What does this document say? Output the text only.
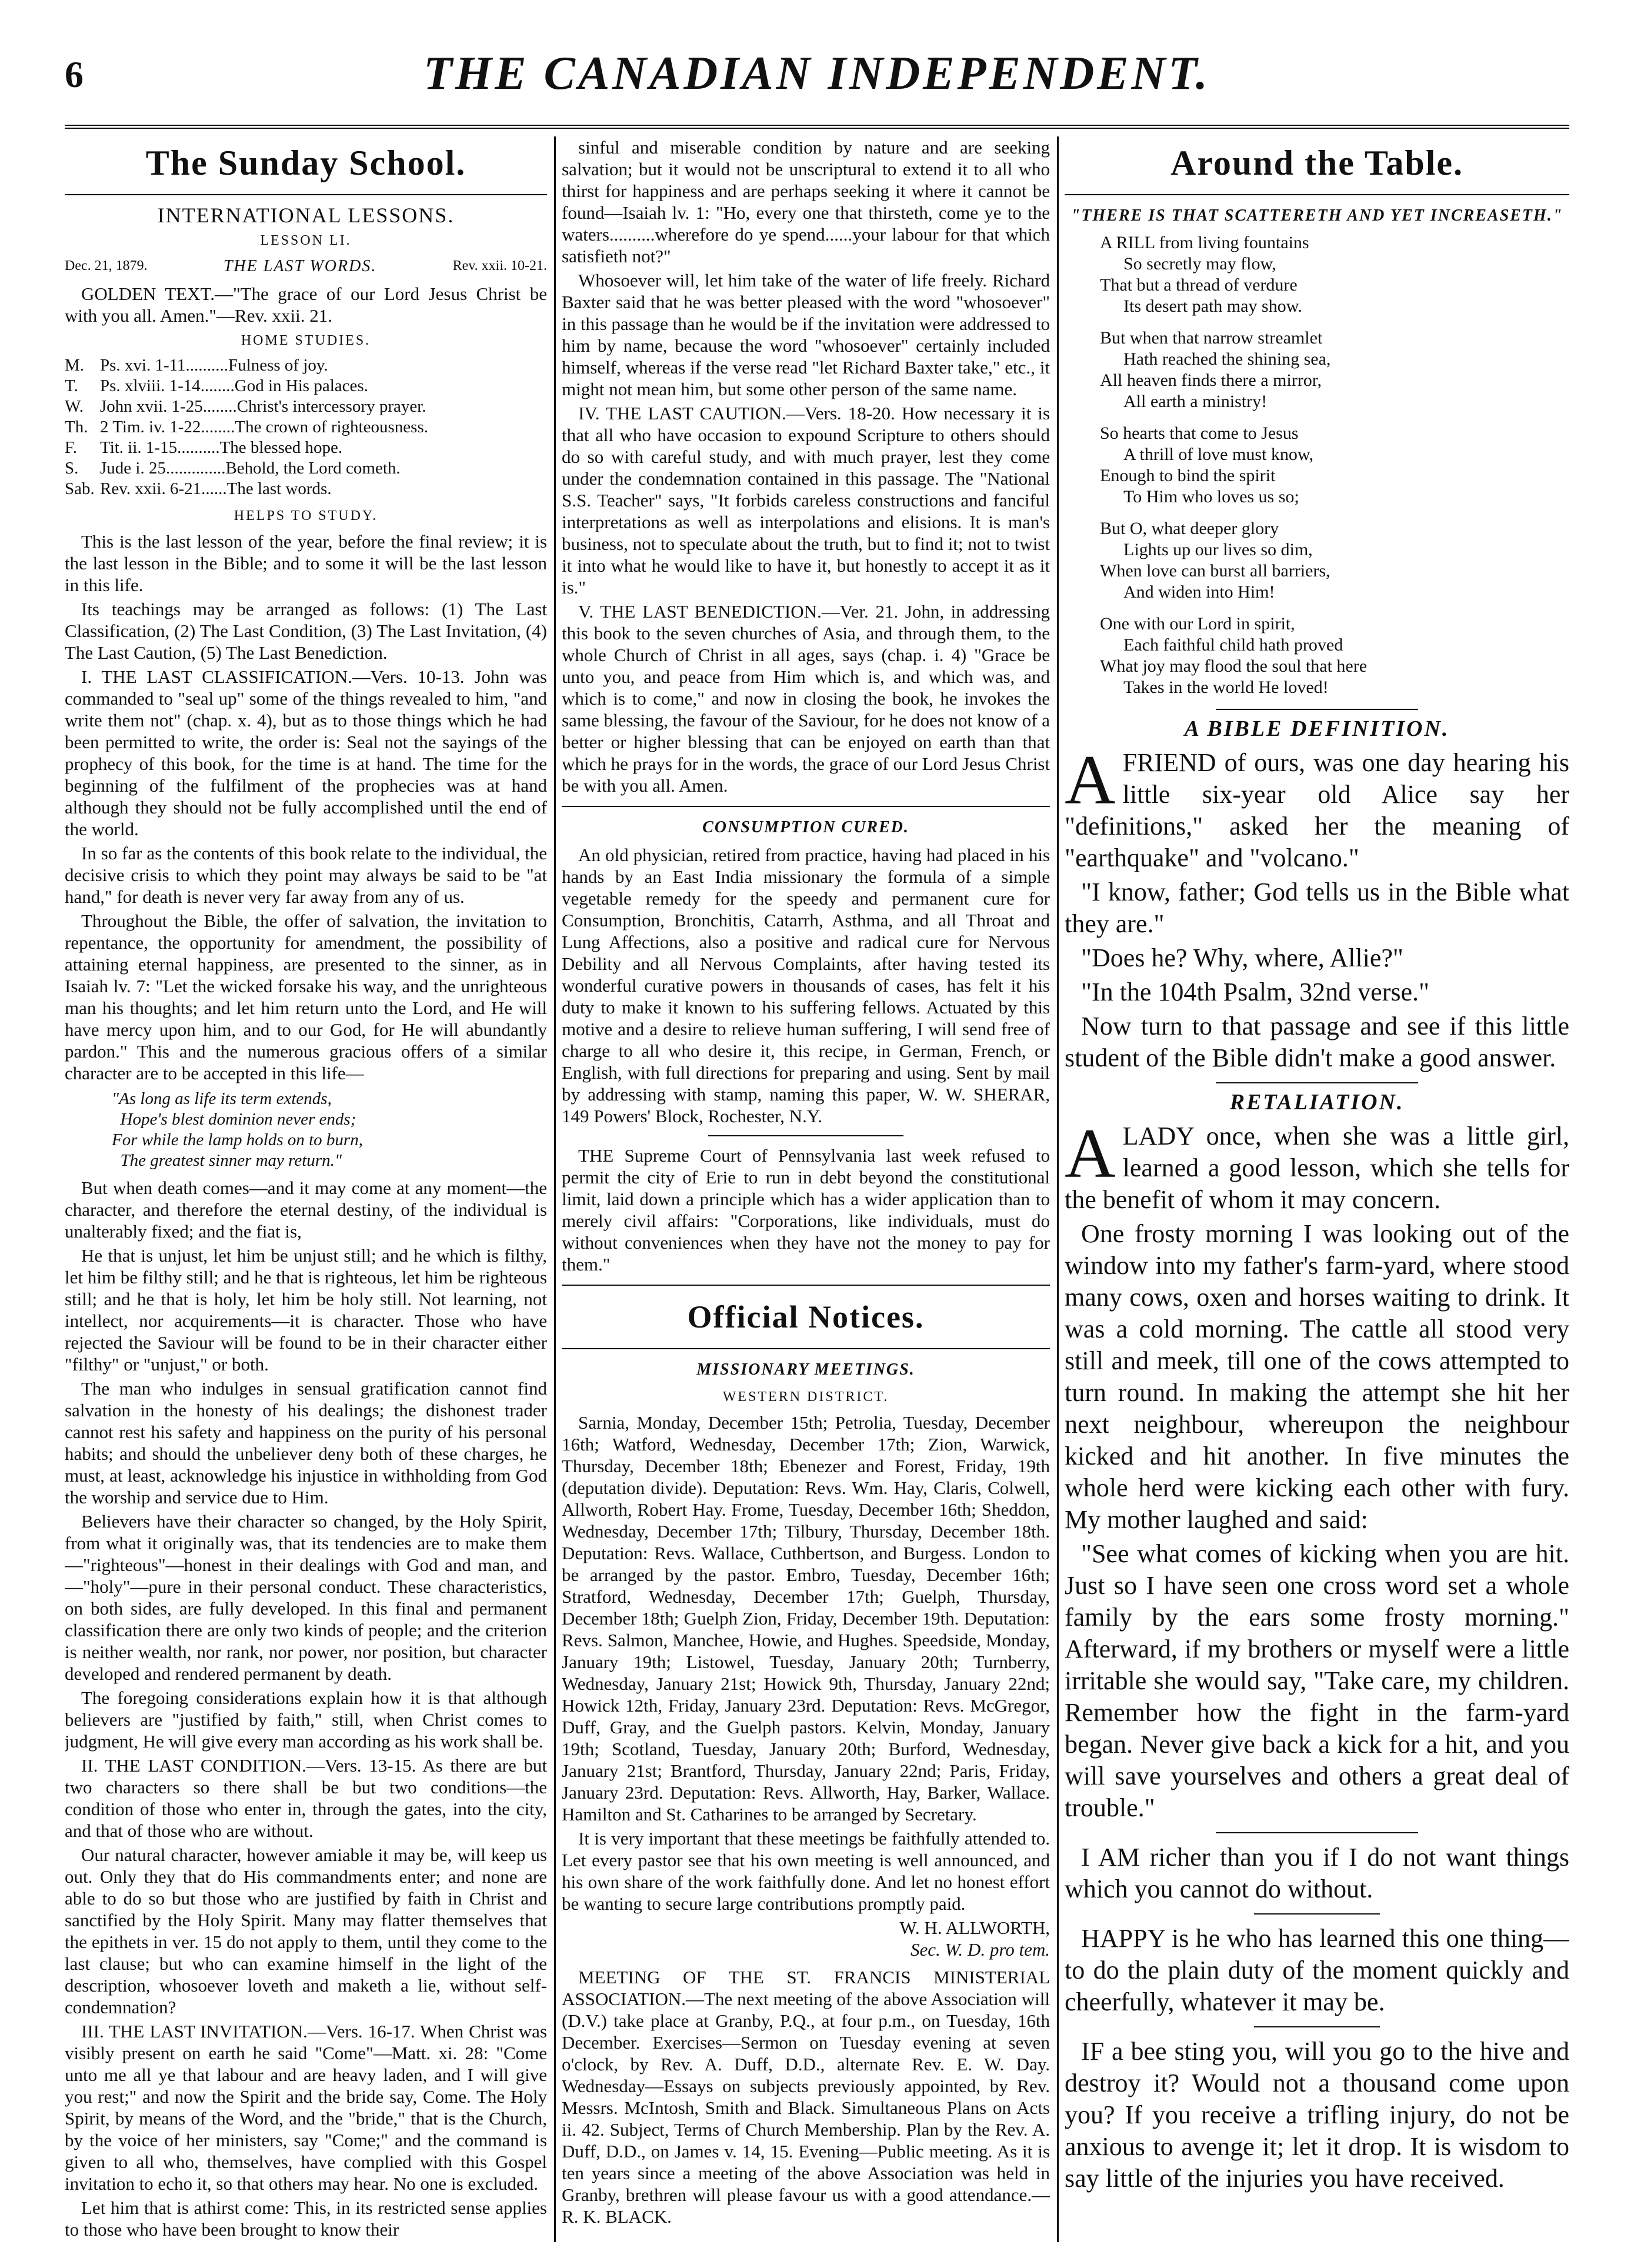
6	THE CANADIAN INDEPENDENT.
The Sunday School.
INTERNATIONAL LESSONS.
LESSON LI.
Dec. 21, 1879.	THE LAST WORDS.	Rev. xxii. 10-21.
GOLDEN TEXT.—"The grace of our Lord Jesus Christ be with you all. Amen."—Rev. xxii. 21.
HOME STUDIES.
M. Ps. xvi. 1-11..........Fulness of joy.
T.	Ps. xlviii. 1-14........God in His palaces.
W. John xvii. 1-25........Christ's intercessory prayer.
Th. 2 Tim. iv. 1-22........The crown of righteousness.
F.	Tit. ii. 1-15..........The blessed hope.
S.	Jude i. 25..............Behold, the Lord cometh.
Sab. Rev. xxii. 6-21......The last words.
HELPS TO STUDY.
This is the last lesson of the year, before the final review; it is the last lesson in the Bible; and to some it will be the last lesson in this life.
Its teachings may be arranged as follows: (1) The Last Classification, (2) The Last Condition, (3) The Last Invitation, (4) The Last Caution, (5) The Last Benediction.
I. THE LAST CLASSIFICATION.—Vers. 10-13. John was commanded to "seal up" some of the things revealed to him, "and write them not" (chap. x. 4), but as to those things which he had been permitted to write, the order is: Seal not the sayings of the prophecy of this book, for the time is at hand. The time for the beginning of the fulfilment of the prophecies was at hand although they should not be fully accomplished until the end of the world.
In so far as the contents of this book relate to the individual, the decisive crisis to which they point may always be said to be "at hand," for death is never very far away from any of us.
Throughout the Bible, the offer of salvation, the invitation to repentance, the opportunity for amendment, the possibility of attaining eternal happiness, are presented to the sinner, as in Isaiah lv. 7: "Let the wicked forsake his way, and the unrighteous man his thoughts; and let him return unto the Lord, and He will have mercy upon him, and to our God, for He will abundantly pardon." This and the numerous gracious offers of a similar character are to be accepted in this life—
"As long as life its term extends,
Hope's blest dominion never ends;
For while the lamp holds on to burn,
The greatest sinner may return."
But when death comes—and it may come at any moment—the character, and therefore the eternal destiny, of the individual is unalterably fixed; and the fiat is,
He that is unjust, let him be unjust still; and he which is filthy, let him be filthy still; and he that is righteous, let him be righteous still; and he that is holy, let him be holy still. Not learning, not intellect, nor acquirements—it is character. Those who have rejected the Saviour will be found to be in their character either "filthy" or "unjust," or both.
The man who indulges in sensual gratification cannot find salvation in the honesty of his dealings; the dishonest trader cannot rest his safety and happiness on the purity of his personal habits; and should the unbeliever deny both of these charges, he must, at least, acknowledge his injustice in withholding from God the worship and service due to Him.
Believers have their character so changed, by the Holy Spirit, from what it originally was, that its tendencies are to make them—"righteous"—honest in their dealings with God and man, and—"holy"—pure in their personal conduct. These characteristics, on both sides, are fully developed. In this final and permanent classification there are only two kinds of people; and the criterion is neither wealth, nor rank, nor power, nor position, but character developed and rendered permanent by death.
The foregoing considerations explain how it is that although believers are "justified by faith," still, when Christ comes to judgment, He will give every man according as his work shall be.
II. THE LAST CONDITION.—Vers. 13-15. As there are but two characters so there shall be but two conditions—the condition of those who enter in, through the gates, into the city, and that of those who are without.
Our natural character, however amiable it may be, will keep us out. Only they that do His commandments enter; and none are able to do so but those who are justified by faith in Christ and sanctified by the Holy Spirit. Many may flatter themselves that the epithets in ver. 15 do not apply to them, until they come to the last clause; but who can examine himself in the light of the description, whosoever loveth and maketh a lie, without self-condemnation?
III. THE LAST INVITATION.—Vers. 16-17. When Christ was visibly present on earth he said "Come"—Matt. xi. 28: "Come unto me all ye that labour and are heavy laden, and I will give you rest;" and now the Spirit and the bride say, Come. The Holy Spirit, by means of the Word, and the "bride," that is the Church, by the voice of her ministers, say "Come;" and the command is given to all who, themselves, have complied with this Gospel invitation to echo it, so that others may hear. No one is excluded.
Let him that is athirst come: This, in its restricted sense applies to those who have been brought to know their
sinful and miserable condition by nature and are seeking salvation; but it would not be unscriptural to extend it to all who thirst for happiness and are perhaps seeking it where it cannot be found—Isaiah lv. 1: "Ho, every one that thirsteth, come ye to the waters..........wherefore do ye spend......your labour for that which satisfieth not?"
Whosoever will, let him take of the water of life freely. Richard Baxter said that he was better pleased with the word "whosoever" in this passage than he would be if the invitation were addressed to him by name, because the word "whosoever" certainly included himself, whereas if the verse read "let Richard Baxter take," etc., it might not mean him, but some other person of the same name.
IV. THE LAST CAUTION.—Vers. 18-20. How necessary it is that all who have occasion to expound Scripture to others should do so with careful study, and with much prayer, lest they come under the condemnation contained in this passage. The "National S.S. Teacher" says, "It forbids careless constructions and fanciful interpretations as well as interpolations and elisions. It is man's business, not to speculate about the truth, but to find it; not to twist it into what he would like to have it, but honestly to accept it as it is."
V. THE LAST BENEDICTION.—Ver. 21. John, in addressing this book to the seven churches of Asia, and through them, to the whole Church of Christ in all ages, says (chap. i. 4) "Grace be unto you, and peace from Him which is, and which was, and which is to come," and now in closing the book, he invokes the same blessing, the favour of the Saviour, for he does not know of a better or higher blessing that can be enjoyed on earth than that which he prays for in the words, the grace of our Lord Jesus Christ be with you all. Amen.
CONSUMPTION CURED.
An old physician, retired from practice, having had placed in his hands by an East India missionary the formula of a simple vegetable remedy for the speedy and permanent cure for Consumption, Bronchitis, Catarrh, Asthma, and all Throat and Lung Affections, also a positive and radical cure for Nervous Debility and all Nervous Complaints, after having tested its wonderful curative powers in thousands of cases, has felt it his duty to make it known to his suffering fellows. Actuated by this motive and a desire to relieve human suffering, I will send free of charge to all who desire it, this recipe, in German, French, or English, with full directions for preparing and using. Sent by mail by addressing with stamp, naming this paper, W. W. SHERAR, 149 Powers' Block, Rochester, N.Y.
THE Supreme Court of Pennsylvania last week refused to permit the city of Erie to run in debt beyond the constitutional limit, laid down a principle which has a wider application than to merely civil affairs: "Corporations, like individuals, must do without conveniences when they have not the money to pay for them."
Official Notices.
MISSIONARY MEETINGS.
WESTERN DISTRICT.
Sarnia, Monday, December 15th; Petrolia, Tuesday, December 16th; Watford, Wednesday, December 17th; Zion, Warwick, Thursday, December 18th; Ebenezer and Forest, Friday, 19th (deputation divide). Deputation: Revs. Wm. Hay, Claris, Colwell, Allworth, Robert Hay. Frome, Tuesday, December 16th; Sheddon, Wednesday, December 17th; Tilbury, Thursday, December 18th. Deputation: Revs. Wallace, Cuthbertson, and Burgess. London to be arranged by the pastor. Embro, Tuesday, December 16th; Stratford, Wednesday, December 17th; Guelph, Thursday, December 18th; Guelph Zion, Friday, December 19th. Deputation: Revs. Salmon, Manchee, Howie, and Hughes. Speedside, Monday, January 19th; Listowel, Tuesday, January 20th; Turnberry, Wednesday, January 21st; Howick 9th, Thursday, January 22nd; Howick 12th, Friday, January 23rd. Deputation: Revs. McGregor, Duff, Gray, and the Guelph pastors. Kelvin, Monday, January 19th; Scotland, Tuesday, January 20th; Burford, Wednesday, January 21st; Brantford, Thursday, January 22nd; Paris, Friday, January 23rd. Deputation: Revs. Allworth, Hay, Barker, Wallace. Hamilton and St. Catharines to be arranged by Secretary.
It is very important that these meetings be faithfully attended to. Let every pastor see that his own meeting is well announced, and his own share of the work faithfully done. And let no honest effort be wanting to secure large contributions promptly paid.
W. H. ALLWORTH,
Sec. W. D. pro tem.
MEETING OF THE ST. FRANCIS MINISTERIAL ASSOCIATION.—The next meeting of the above Association will (D.V.) take place at Granby, P.Q., at four p.m., on Tuesday, 16th December. Exercises—Sermon on Tuesday evening at seven o'clock, by Rev. A. Duff, D.D., alternate Rev. E. W. Day. Wednesday—Essays on subjects previously appointed, by Rev. Messrs. McIntosh, Smith and Black. Simultaneous Plans on Acts ii. 42. Subject, Terms of Church Membership. Plan by the Rev. A. Duff, D.D., on James v. 14, 15. Evening—Public meeting. As it is ten years since a meeting of the above Association was held in Granby, brethren will please favour us with a good attendance.—R. K. BLACK.
Around the Table.
"THERE IS THAT SCATTERETH AND YET INCREASETH."
A RILL from living fountains
So secretly may flow,
That but a thread of verdure
Its desert path may show.
But when that narrow streamlet
Hath reached the shining sea,
All heaven finds there a mirror,
All earth a ministry!
So hearts that come to Jesus
A thrill of love must know,
Enough to bind the spirit
To Him who loves us so;
But O, what deeper glory
Lights up our lives so dim,
When love can burst all barriers,
And widen into Him!
One with our Lord in spirit,
Each faithful child hath proved
What joy may flood the soul that here
Takes in the world He loved!
A BIBLE DEFINITION.
AFRIEND of ours, was one day hearing his little six-year old Alice say her "definitions," asked her the meaning of "earthquake" and "volcano."
"I know, father; God tells us in the Bible what they are."
"Does he? Why, where, Allie?"
"In the 104th Psalm, 32nd verse."
Now turn to that passage and see if this little student of the Bible didn't make a good answer.
RETALIATION.
ALADY once, when she was a little girl, learned a good lesson, which she tells for the benefit of whom it may concern.
One frosty morning I was looking out of the window into my father's farm-yard, where stood many cows, oxen and horses waiting to drink. It was a cold morning. The cattle all stood very still and meek, till one of the cows attempted to turn round. In making the attempt she hit her next neighbour, whereupon the neighbour kicked and hit another. In five minutes the whole herd were kicking each other with fury. My mother laughed and said:
"See what comes of kicking when you are hit. Just so I have seen one cross word set a whole family by the ears some frosty morning." Afterward, if my brothers or myself were a little irritable she would say, "Take care, my children. Remember how the fight in the farm-yard began. Never give back a kick for a hit, and you will save yourselves and others a great deal of trouble."
I AM richer than you if I do not want things which you cannot do without.
HAPPY is he who has learned this one thing—to do the plain duty of the moment quickly and cheerfully, whatever it may be.
IF a bee sting you, will you go to the hive and destroy it? Would not a thousand come upon you? If you receive a trifling injury, do not be anxious to avenge it; let it drop. It is wisdom to say little of the injuries you have received.
